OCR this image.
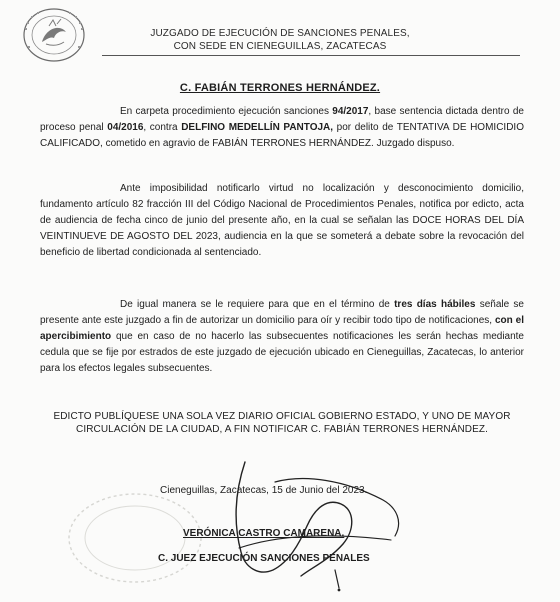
JUZGADO DE EJECUCIÓN DE SANCIONES PENALES,
CON SEDE EN CIENEGUILLAS, ZACATECAS
C. FABIÁN TERRONES HERNÁNDEZ.

En carpeta procedimiento ejecución sanciones 94/2017, base sentencia dictada dentro de proceso penal 04/2016, contra DELFINO MEDELLÍN PANTOJA, por delito de TENTATIVA DE HOMICIDIO CALIFICADO, cometido en agravio de FABIÁN TERRONES HERNÁNDEZ. Juzgado dispuso.

Ante imposibilidad notificarlo virtud no localización y desconocimiento domicilio, fundamento artículo 82 fracción III del Código Nacional de Procedimientos Penales, notifica por edicto, acta de audiencia de fecha cinco de junio del presente año, en la cual se señalan las DOCE HORAS DEL DÍA VEINTINUEVE DE AGOSTO DEL 2023, audiencia en la que se someterá a debate sobre la revocación del beneficio de libertad condicionada al sentenciado.

De igual manera se le requiere para que en el término de tres días hábiles señale se presente ante este juzgado a fin de autorizar un domicilio para oír y recibir todo tipo de notificaciones, con el apercibimiento que en caso de no hacerlo las subsecuentes notificaciones les serán hechas mediante cedula que se fije por estrados de este juzgado de ejecución ubicado en Cieneguillas, Zacatecas, lo anterior para los efectos legales subsecuentes.

EDICTO PUBLÍQUESE UNA SOLA VEZ DIARIO OFICIAL GOBIERNO ESTADO, Y UNO DE MAYOR CIRCULACIÓN DE LA CIUDAD, A FIN NOTIFICAR C. FABIÁN TERRONES HERNÁNDEZ.
Cieneguillas, Zacatecas, 15 de Junio del 2023.
VERÓNICA CASTRO CAMARENA.
C. JUEZ EJECUCIÓN SANCIONES PENALES
